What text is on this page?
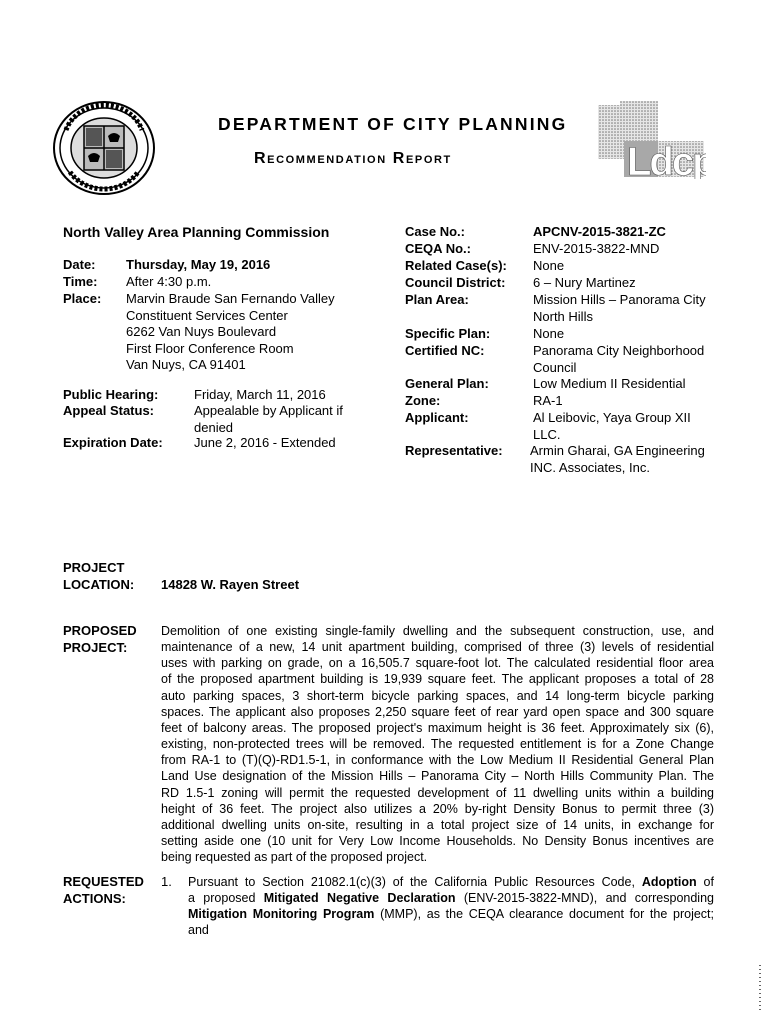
DEPARTMENT OF CITY PLANNING
Recommendation Report	Ldcp
North Valley Area Planning Commission
Date: Thursday, May 19, 2016
Time: After 4:30 p.m.
Place: Marvin Braude San Fernando Valley
Constituent Services Center
6262 Van Nuys Boulevard
First Floor Conference Room
Van Nuys, CA 91401
Public Hearing:	Friday, March 11, 2016
Appeal Status:	Appealable by Applicant if
denied
Expiration Date: June 2, 2016 - Extended
Case No.:	APCNV-2015-3821-ZC
CEQA No.:	ENV-2015-3822-MND
Related Case(s): None
Council District: 6 – Nury Martinez
Plan Area:	Mission Hills – Panorama City
North Hills
Specific Plan:	None
Certified NC:	Panorama City Neighborhood
Council
General Plan:	Low Medium II Residential
Zone:	RA-1
Applicant:	Al Leibovic, Yaya Group XII
LLC.
Representative: Armin Gharai, GA Engineering
INC. Associates, Inc.
PROJECT
LOCATION: 14828 W. Rayen Street
PROPOSED
PROJECT:
Demolition of one existing single-family dwelling and the subsequent construction, use, and
maintenance of a new, 14 unit apartment building, comprised of three (3) levels of residential
uses with parking on grade, on a 16,505.7 square-foot lot. The calculated residential floor area
of the proposed apartment building is 19,939 square feet. The applicant proposes a total of 28
auto parking spaces, 3 short-term bicycle parking spaces, and 14 long-term bicycle parking
spaces. The applicant also proposes 2,250 square feet of rear yard open space and 300 square
feet of balcony areas. The proposed project's maximum height is 36 feet. Approximately six (6),
existing, non-protected trees will be removed. The requested entitlement is for a Zone Change
from RA-1 to (T)(Q)-RD1.5-1, in conformance with the Low Medium II Residential General Plan
Land Use designation of the Mission Hills – Panorama City – North Hills Community Plan. The
RD 1.5-1 zoning will permit the requested development of 11 dwelling units within a building
height of 36 feet. The project also utilizes a 20% by-right Density Bonus to permit three (3)
additional dwelling units on-site, resulting in a total project size of 14 units, in exchange for
setting aside one (10 unit for Very Low Income Households. No Density Bonus incentives are
being requested as part of the proposed project.
REQUESTED
ACTIONS:
1. Pursuant to Section 21082.1(c)(3) of the California Public Resources Code, Adoption of
a proposed Mitigated Negative Declaration (ENV-2015-3822-MND), and corresponding
Mitigation Monitoring Program (MMP), as the CEQA clearance document for the project;
and
